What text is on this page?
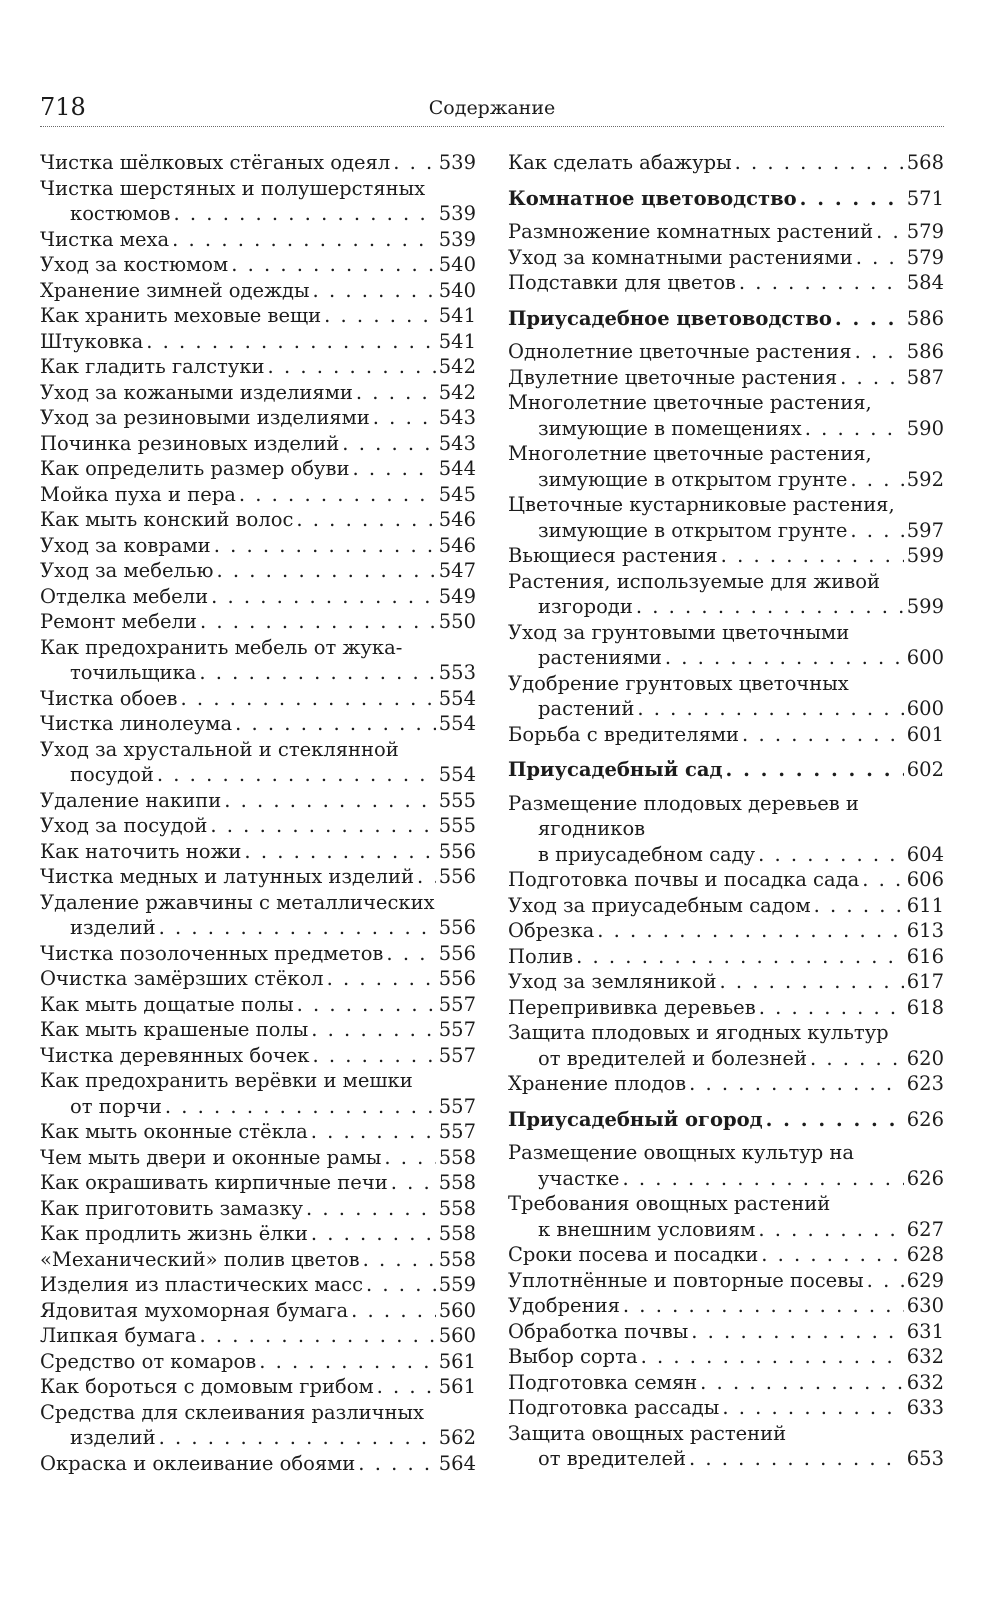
718	Содержание
Чистка шёлковых стёганых одеял . . . 539
Чистка шерстяных и полушерстяных
костюмов . . .	539
Чистка меха . . .	539
Уход за костюмом . . .	540
Хранение зимней одежды . . .	540
Как хранить меховые вещи . . .	541
Штуковка . . .	541
Как гладить галстуки . . .	542
Уход за кожаными изделиями . . .	542
Уход за резиновыми изделиями . . .	543
Починка резиновых изделий . . .	543
Как определить размер обуви . . .	544
Мойка пуха и пера . . .	545
Как мыть конский волос . . .	546
Уход за коврами . . .	546
Уход за мебелью . . .	547
Отделка мебели . . .	549
Ремонт мебели . . .	550
Как предохранить мебель от жука-
точильщика . . .	553
Чистка обоев . . .	554
Чистка линолеума . . .	554
Уход за хрустальной и стеклянной
посудой . . .	554
Удаление накипи . . .	555
Уход за посудой . . .	555
Как наточить ножи . . .	556
Чистка медных и латунных изделий . . . 556
Удаление ржавчины с металлических
изделий . . .	556
Чистка позолоченных предметов . . .	556
Очистка замёрзших стёкол . . .	556
Как мыть дощатые полы . . .	557
Как мыть крашеные полы . . .	557
Чистка деревянных бочек . . .	557
Как предохранить верёвки и мешки
от порчи . . .	557
Как мыть оконные стёкла . . .	557
Чем мыть двери и оконные рамы . . .	558
Как окрашивать кирпичные печи . . .	558
Как приготовить замазку . . .	558
Как продлить жизнь ёлки . . .	558
«Механический» полив цветов . . .	558
Изделия из пластических масс . . .	559
Ядовитая мухоморная бумага . . .	560
Липкая бумага . . .	560
Средство от комаров . . .	561
Как бороться с домовым грибом . . .	561
Средства для склеивания различных
изделий . . .	562
Окраска и оклеивание обоями . . .	564
Как сделать абажуры . . .	568
Комнатное цветоводство . . .	571
Размножение комнатных растений . . . 579
Уход за комнатными растениями . . .	579
Подставки для цветов . . .	584
Приусадебное цветоводство . . .	586
Однолетние цветочные растения . . .	586
Двулетние цветочные растения . . .	587
Многолетние цветочные растения,
зимующие в помещениях . . .	590
Многолетние цветочные растения,
зимующие в открытом грунте . . .	592
Цветочные кустарниковые растения,
зимующие в открытом грунте . . .	597
Вьющиеся растения . . .	599
Растения, используемые для живой
изгороди . . .	599
Уход за грунтовыми цветочными
растениями . . .	600
Удобрение грунтовых цветочных
растений . . .	600
Борьба с вредителями . . .	601
Приусадебный сад . . .	602
Размещение плодовых деревьев и
ягодников
в приусадебном саду . . .	604
Подготовка почвы и посадка сада . . . 606
Уход за приусадебным садом . . .	611
Обрезка . . .	613
Полив . . .	616
Уход за земляникой . . .	617
Перепрививка деревьев . . .	618
Защита плодовых и ягодных культур
от вредителей и болезней . . .	620
Хранение плодов . . .	623
Приусадебный огород . . .	626
Размещение овощных культур на
участке . . .	626
Требования овощных растений
к внешним условиям . . .	627
Сроки посева и посадки . . .	628
Уплотнённые и повторные посевы . . . 629
Удобрения . . .	630
Обработка почвы . . .	631
Выбор сорта . . .	632
Подготовка семян . . .	632
Подготовка рассады . . .	633
Защита овощных растений
от вредителей . . .	653
